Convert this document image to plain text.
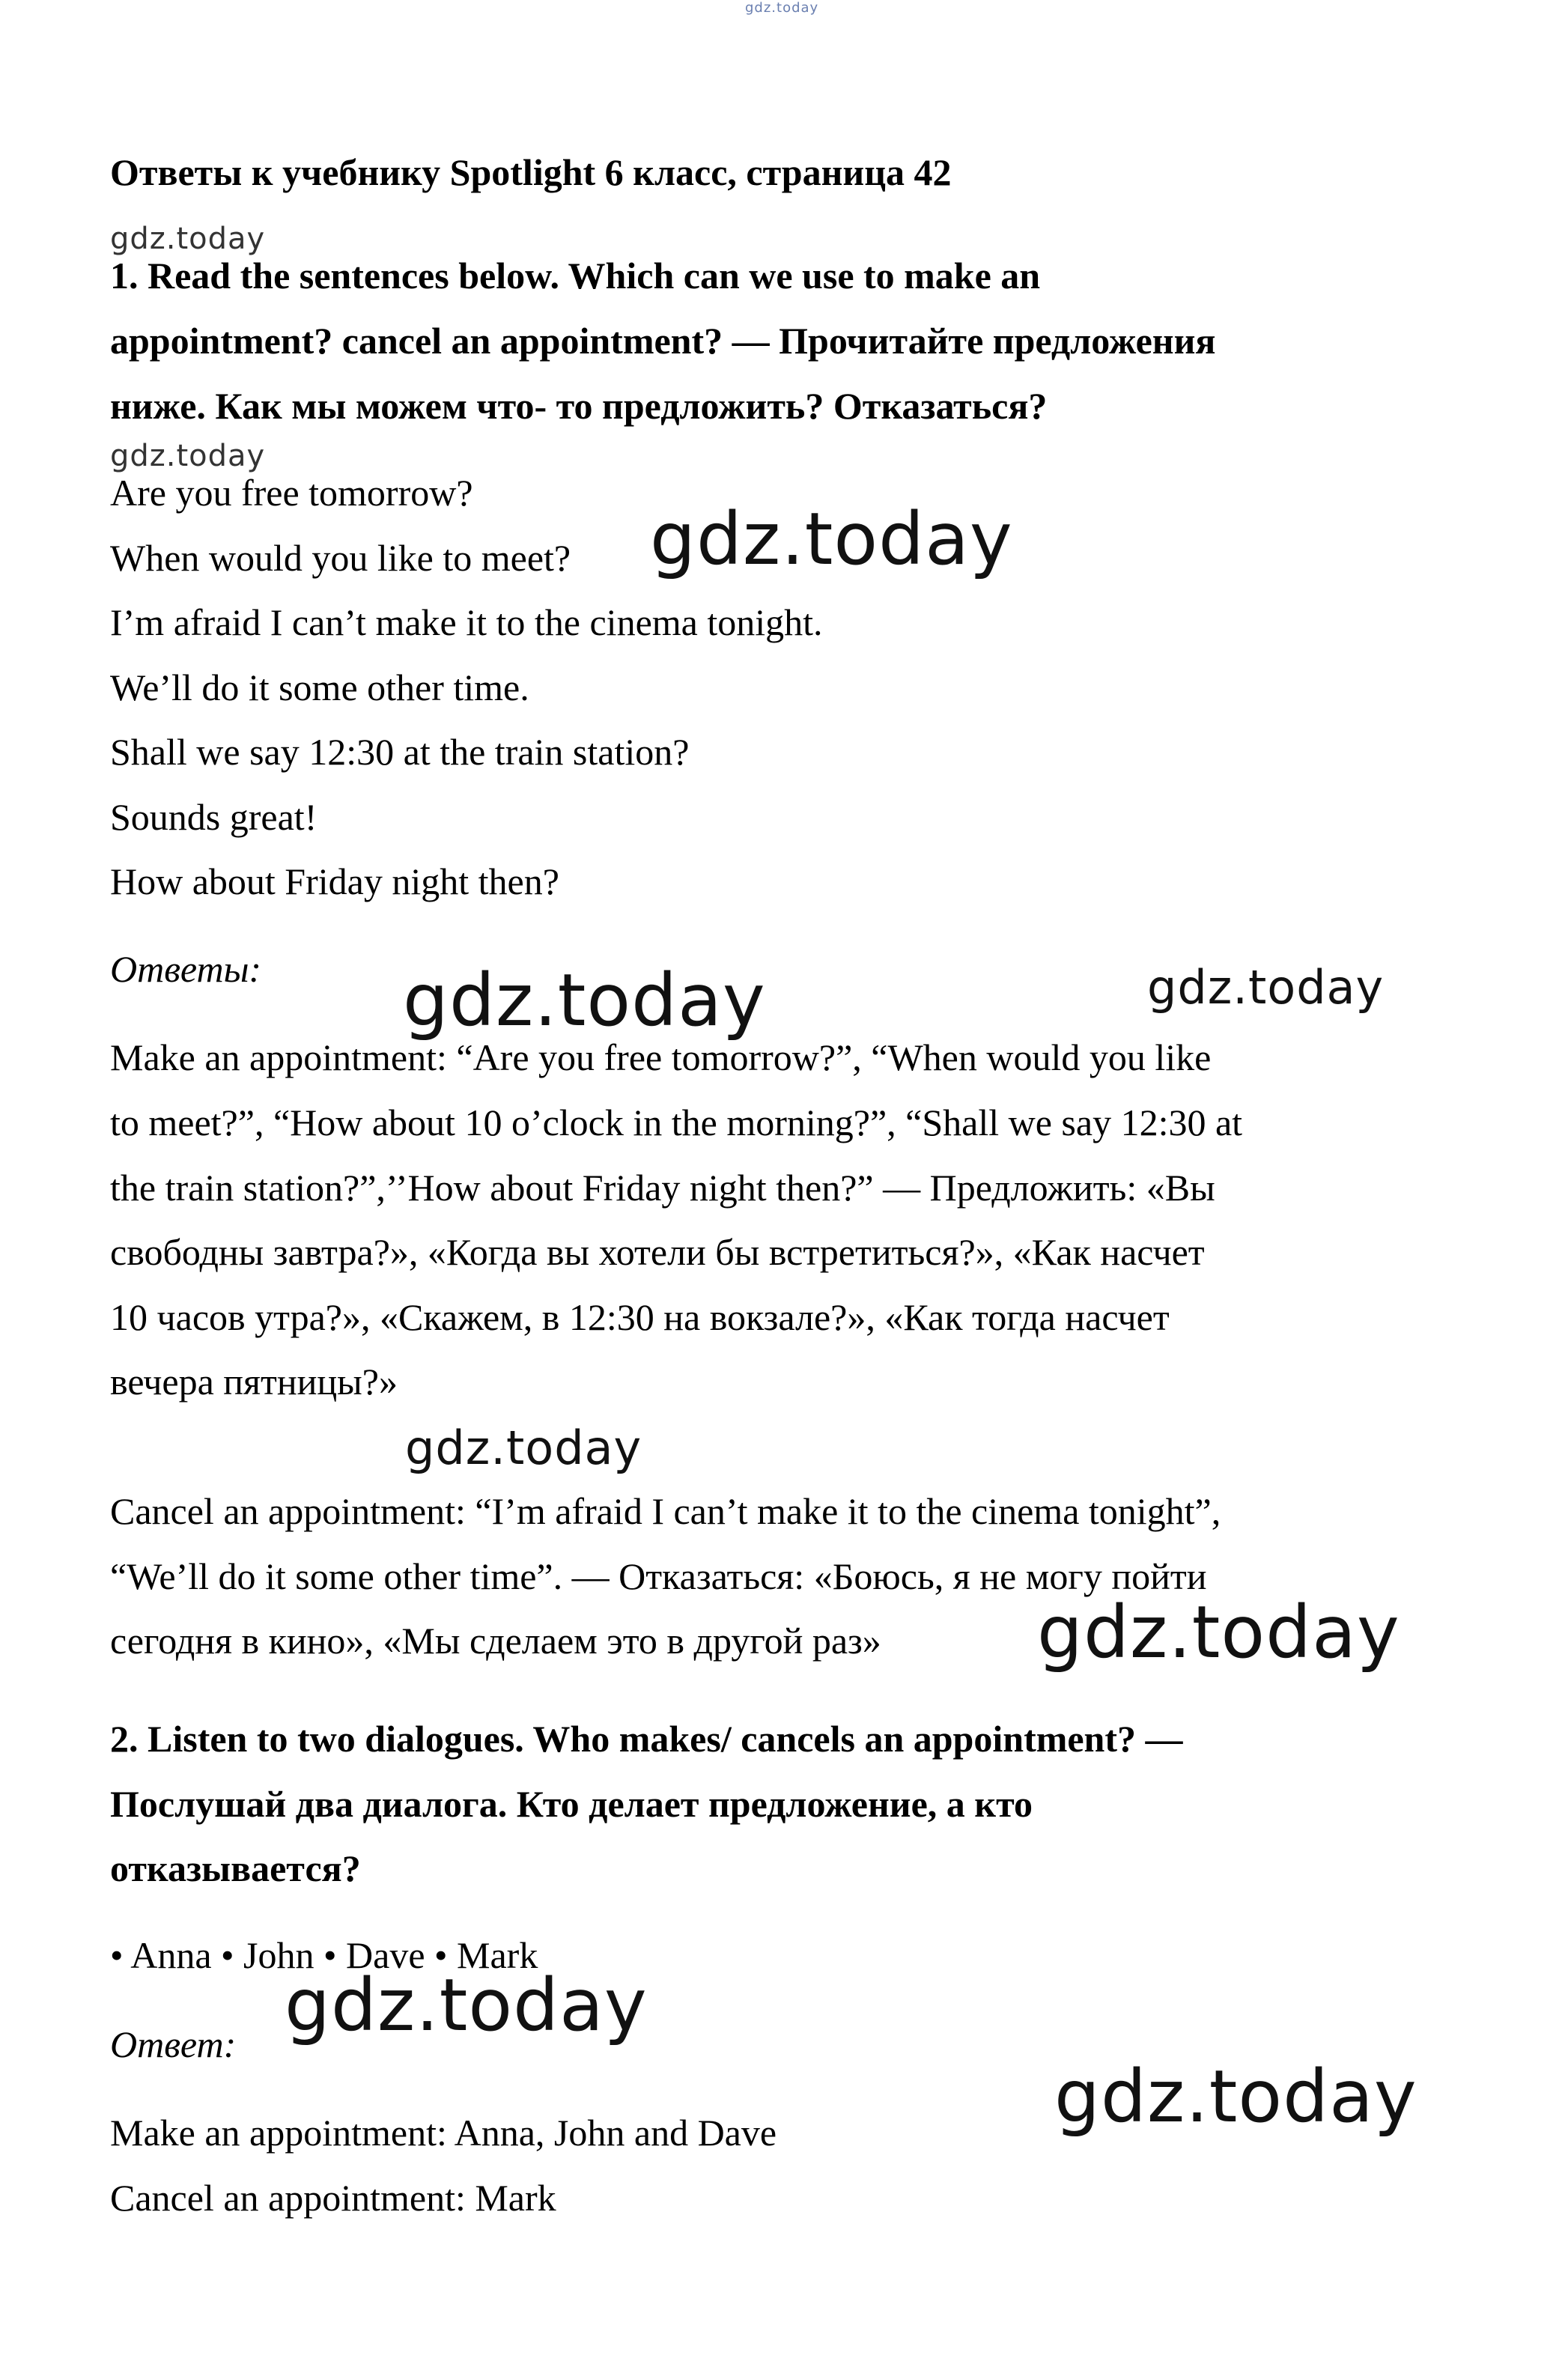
gdz.today
gdz.today
gdz.today
gdz.today
gdz.today	gdz.today
gdz.today
gdz.today
gdz.today
gdz.today

Ответы к учебнику Spotlight 6 класс, страница 42

1. Read the sentences below. Which can we use to make an

appointment? cancel an appointment? — Прочитайте предложения

ниже. Как мы можем что- то предложить? Отказаться?

Are you free tomorrow?

When would you like to meet?

I’m afraid I can’t make it to the cinema tonight.

We’ll do it some other time.

Shall we say 12:30 at the train station?

Sounds great!

How about Friday night then?

Ответы:

Make an appointment: “Are you free tomorrow?”, “When would you like

to meet?”, “How about 10 o’clock in the morning?”, “Shall we say 12:30 at

the train station?”,’’How about Friday night then?” — Предложить: «Вы

свободны завтра?», «Когда вы хотели бы встретиться?», «Как насчет

10 часов утра?», «Скажем, в 12:30 на вокзале?», «Как тогда насчет

вечера пятницы?»

Cancel an appointment: “I’m afraid I can’t make it to the cinema tonight”,

“We’ll do it some other time”. — Отказаться: «Боюсь, я не могу пойти

сегодня в кино», «Мы сделаем это в другой раз»

2. Listen to two dialogues. Who makes/ cancels an appointment? —

Послушай два диалога. Кто делает предложение, а кто

отказывается?

• Anna • John • Dave • Mark

Ответ:

Make an appointment: Anna, John and Dave

Cancel an appointment: Mark
